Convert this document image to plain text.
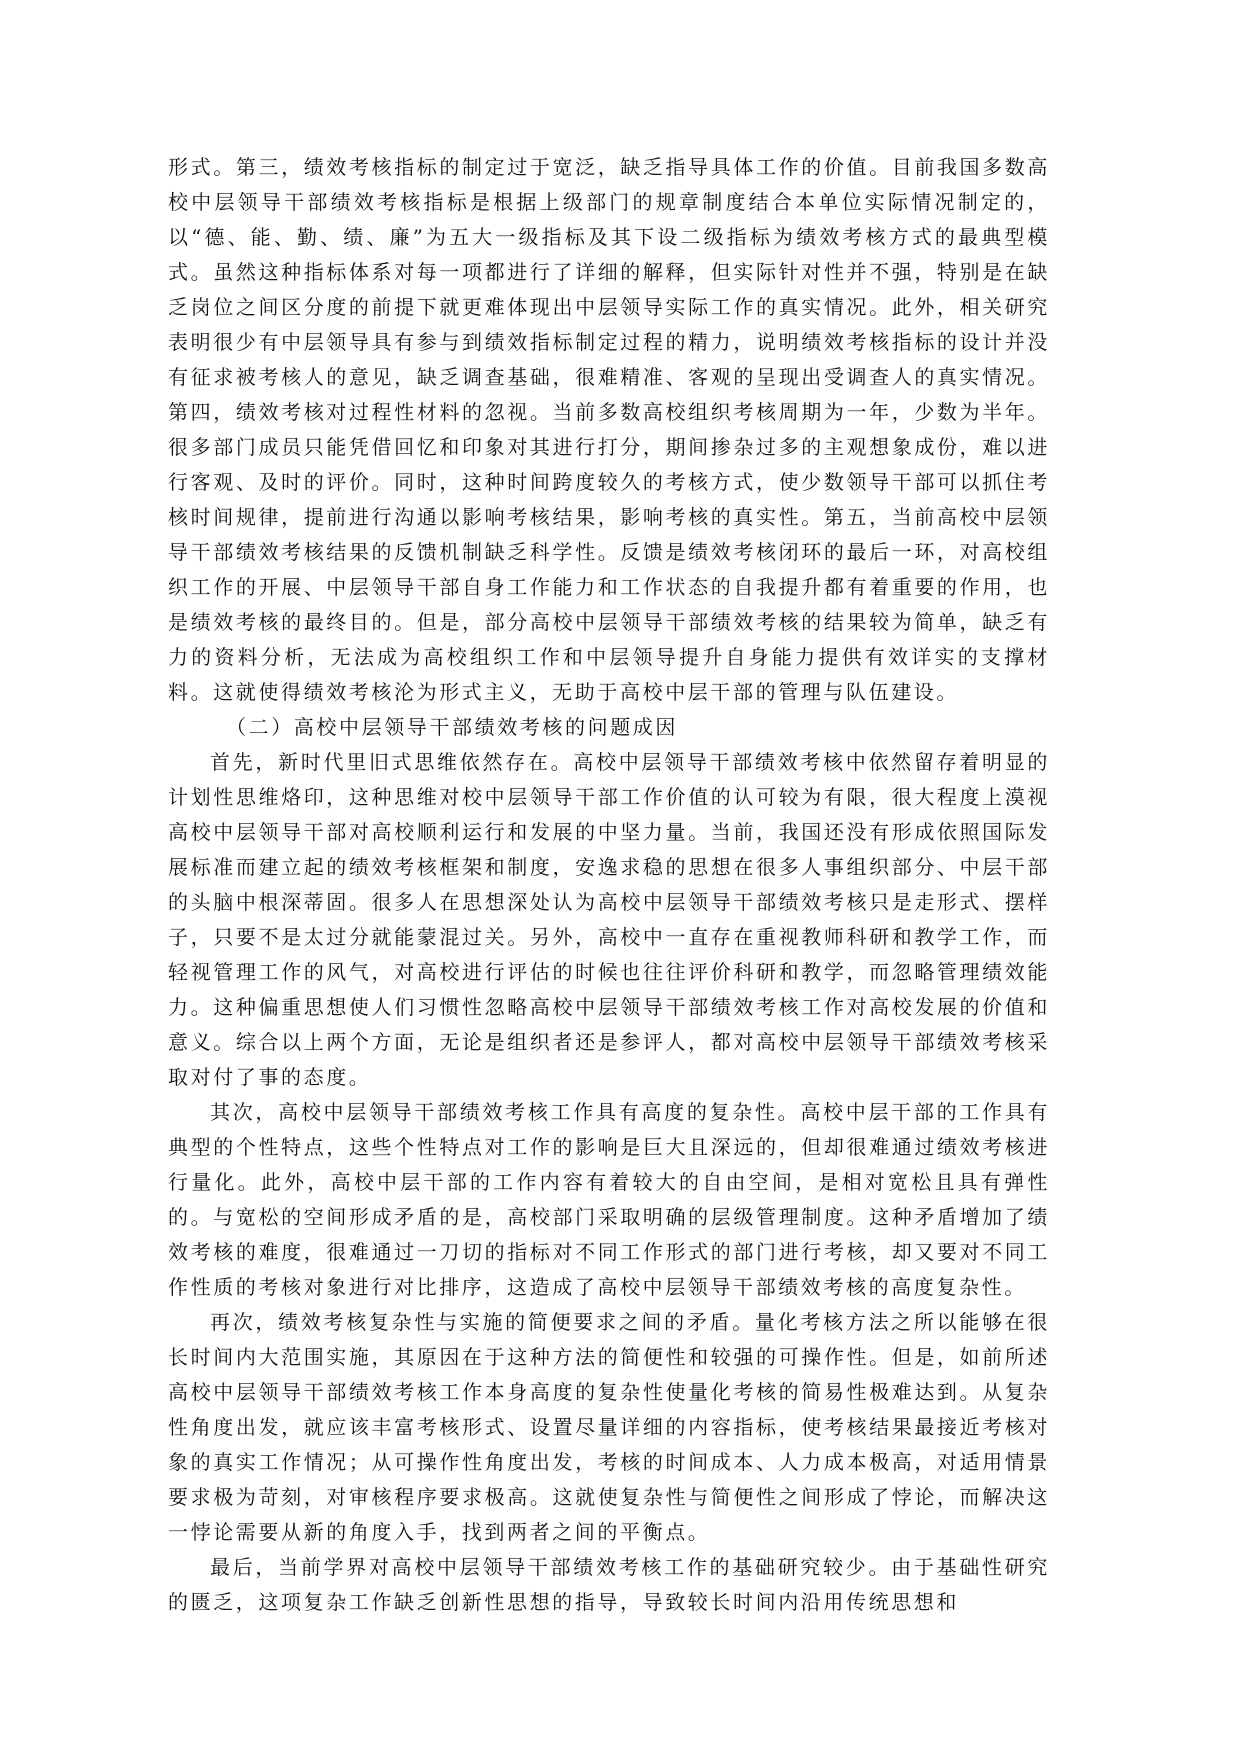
形式。第三，绩效考核指标的制定过于宽泛，缺乏指导具体工作的价值。目前我国多数高校中层领导干部绩效考核指标是根据上级部门的规章制度结合本单位实际情况制定的，以“德、能、勤、绩、廉”为五大一级指标及其下设二级指标为绩效考核方式的最典型模式。虽然这种指标体系对每一项都进行了详细的解释，但实际针对性并不强，特别是在缺乏岗位之间区分度的前提下就更难体现出中层领导实际工作的真实情况。此外，相关研究表明很少有中层领导具有参与到绩效指标制定过程的精力，说明绩效考核指标的设计并没有征求被考核人的意见，缺乏调查基础，很难精准、客观的呈现出受调查人的真实情况。第四，绩效考核对过程性材料的忽视。当前多数高校组织考核周期为一年，少数为半年。很多部门成员只能凭借回忆和印象对其进行打分，期间掺杂过多的主观想象成份，难以进行客观、及时的评价。同时，这种时间跨度较久的考核方式，使少数领导干部可以抓住考核时间规律，提前进行沟通以影响考核结果，影响考核的真实性。第五，当前高校中层领导干部绩效考核结果的反馈机制缺乏科学性。反馈是绩效考核闭环的最后一环，对高校组织工作的开展、中层领导干部自身工作能力和工作状态的自我提升都有着重要的作用，也是绩效考核的最终目的。但是，部分高校中层领导干部绩效考核的结果较为简单，缺乏有力的资料分析，无法成为高校组织工作和中层领导提升自身能力提供有效详实的支撑材料。这就使得绩效考核沦为形式主义，无助于高校中层干部的管理与队伍建设。

（二）高校中层领导干部绩效考核的问题成因

首先，新时代里旧式思维依然存在。高校中层领导干部绩效考核中依然留存着明显的计划性思维烙印，这种思维对校中层领导干部工作价值的认可较为有限，很大程度上漠视高校中层领导干部对高校顺利运行和发展的中坚力量。当前，我国还没有形成依照国际发展标准而建立起的绩效考核框架和制度，安逸求稳的思想在很多人事组织部分、中层干部的头脑中根深蒂固。很多人在思想深处认为高校中层领导干部绩效考核只是走形式、摆样子，只要不是太过分就能蒙混过关。另外，高校中一直存在重视教师科研和教学工作，而轻视管理工作的风气，对高校进行评估的时候也往往评价科研和教学，而忽略管理绩效能力。这种偏重思想使人们习惯性忽略高校中层领导干部绩效考核工作对高校发展的价值和意义。综合以上两个方面，无论是组织者还是参评人，都对高校中层领导干部绩效考核采取对付了事的态度。

其次，高校中层领导干部绩效考核工作具有高度的复杂性。高校中层干部的工作具有典型的个性特点，这些个性特点对工作的影响是巨大且深远的，但却很难通过绩效考核进行量化。此外，高校中层干部的工作内容有着较大的自由空间，是相对宽松且具有弹性的。与宽松的空间形成矛盾的是，高校部门采取明确的层级管理制度。这种矛盾增加了绩效考核的难度，很难通过一刀切的指标对不同工作形式的部门进行考核，却又要对不同工作性质的考核对象进行对比排序，这造成了高校中层领导干部绩效考核的高度复杂性。

再次，绩效考核复杂性与实施的简便要求之间的矛盾。量化考核方法之所以能够在很长时间内大范围实施，其原因在于这种方法的简便性和较强的可操作性。但是，如前所述高校中层领导干部绩效考核工作本身高度的复杂性使量化考核的简易性极难达到。从复杂性角度出发，就应该丰富考核形式、设置尽量详细的内容指标，使考核结果最接近考核对象的真实工作情况；从可操作性角度出发，考核的时间成本、人力成本极高，对适用情景要求极为苛刻，对审核程序要求极高。这就使复杂性与简便性之间形成了悖论，而解决这一悖论需要从新的角度入手，找到两者之间的平衡点。

最后，当前学界对高校中层领导干部绩效考核工作的基础研究较少。由于基础性研究的匮乏，这项复杂工作缺乏创新性思想的指导，导致较长时间内沿用传统思想和
